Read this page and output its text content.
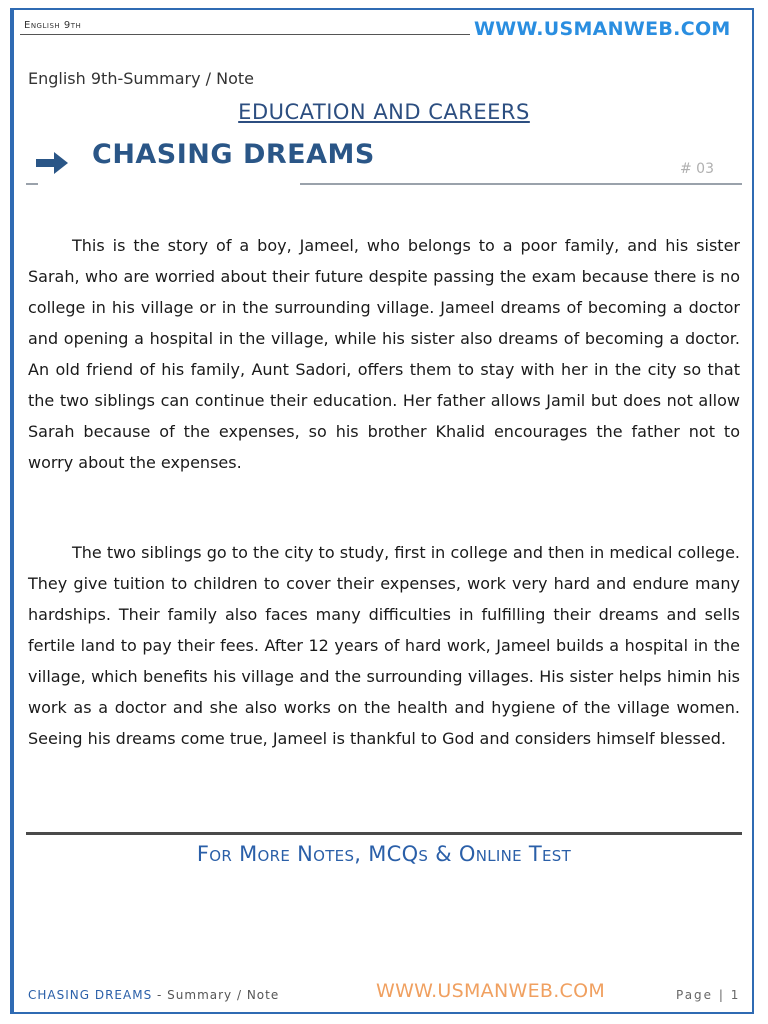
English 9th	WWW.USMANWEB.COM
English 9th-Summary / Note
EDUCATION AND CAREERS
CHASING DREAMS	# 03

This is the story of a boy, Jameel, who belongs to a poor family, and his sister Sarah, who are worried about their future despite passing the exam because there is no college in his village or in the surrounding village. Jameel dreams of becoming a doctor and opening a hospital in the village, while his sister also dreams of becoming a doctor. An old friend of his family, Aunt Sadori, offers them to stay with her in the city so that the two siblings can continue their education. Her father allows Jamil but does not allow Sarah because of the expenses, so his brother Khalid encourages the father not to worry about the expenses.

The two siblings go to the city to study, first in college and then in medical college. They give tuition to children to cover their expenses, work very hard and endure many hardships. Their family also faces many difficulties in fulfilling their dreams and sells fertile land to pay their fees. After 12 years of hard work, Jameel builds a hospital in the village, which benefits his village and the surrounding villages. His sister helps himin his work as a doctor and she also works on the health and hygiene of the village women. Seeing his dreams come true, Jameel is thankful to God and considers himself blessed.

For More Notes, MCQs & Online Test
CHASING DREAMS - Summary / Note	WWW.USMANWEB.COM	Page | 1
